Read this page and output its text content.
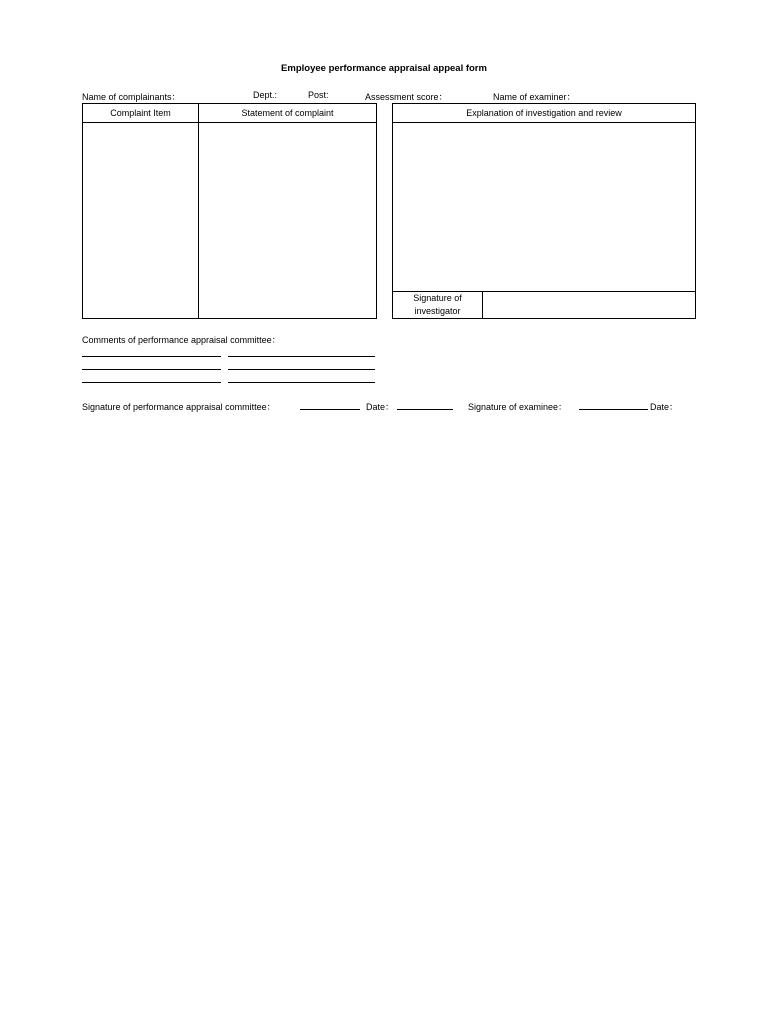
Employee performance appraisal appeal form
Name of complainants：	Dept.:	Post:	Assessment score：	Name of examiner：
Complaint Item	Statement of complaint	Explanation of investigation and review
Signature of
investigator
Comments of performance appraisal committee：
Signature of performance appraisal committee：	Date：	Signature of examinee：	Date：
